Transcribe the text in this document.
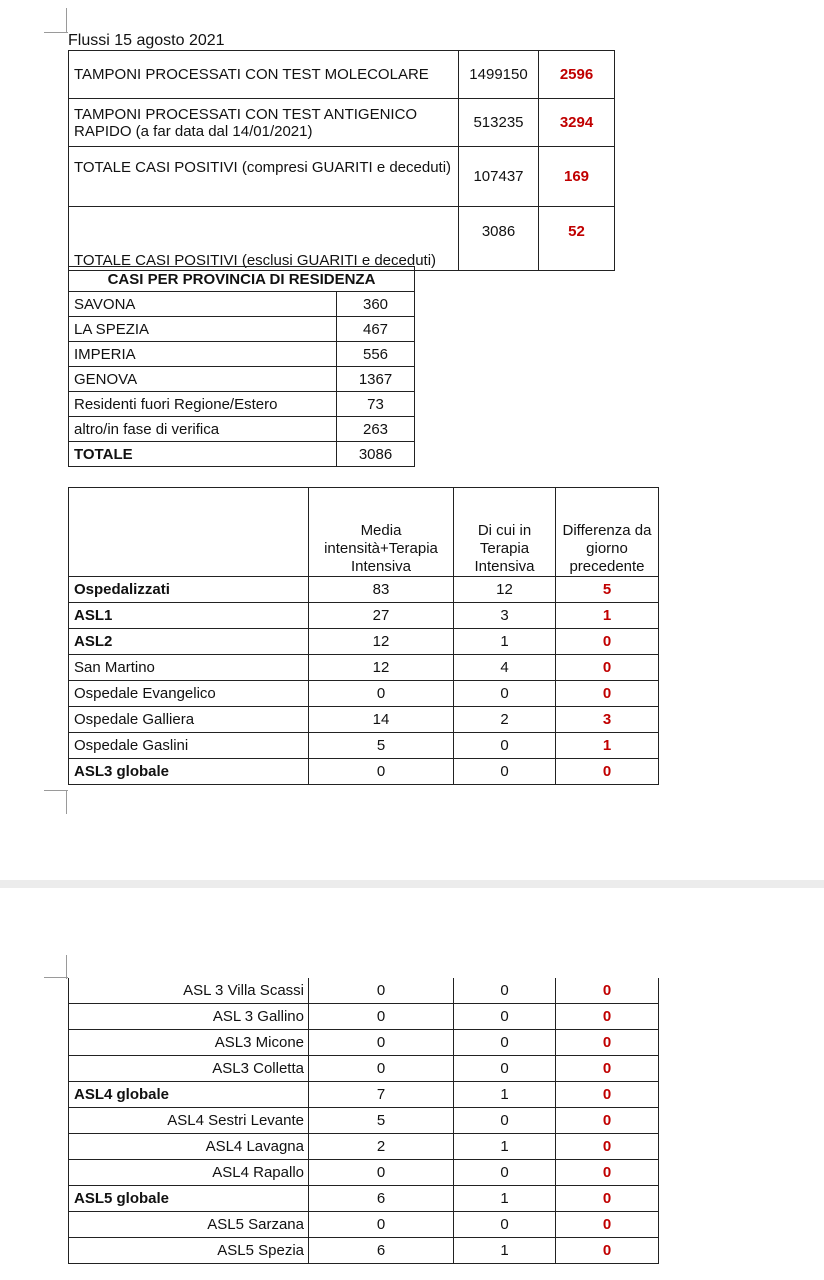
Flussi 15 agosto 2021
TAMPONI PROCESSATI CON TEST MOLECOLARE	1499150	2596
TAMPONI PROCESSATI CON TEST ANTIGENICO RAPIDO (a far data dal 14/01/2021)	513235	3294
TOTALE CASI POSITIVI (compresi GUARITI e deceduti)	107437	169
TOTALE CASI POSITIVI (esclusi GUARITI e deceduti)	3086	52
CASI PER PROVINCIA DI RESIDENZA	
SAVONA	360
LA SPEZIA	467
IMPERIA	556
GENOVA	1367
Residenti fuori Regione/Estero	73
altro/in fase di verifica	263
TOTALE	3086
	Media intensità+Terapia Intensiva	Di cui in Terapia Intensiva	Differenza da giorno precedente
Ospedalizzati	83	12	5
ASL1	27	3	1
ASL2	12	1	0
San Martino	12	4	0
Ospedale Evangelico	0	0	0
Ospedale Galliera	14	2	3
Ospedale Gaslini	5	0	1
ASL3 globale	0	0	0
ASL 3 Villa Scassi	0	0	0
ASL 3 Gallino	0	0	0
ASL3 Micone	0	0	0
ASL3 Colletta	0	0	0
ASL4 globale	7	1	0
ASL4 Sestri Levante	5	0	0
ASL4 Lavagna	2	1	0
ASL4 Rapallo	0	0	0
ASL5 globale	6	1	0
ASL5 Sarzana	0	0	0
ASL5 Spezia	6	1	0
